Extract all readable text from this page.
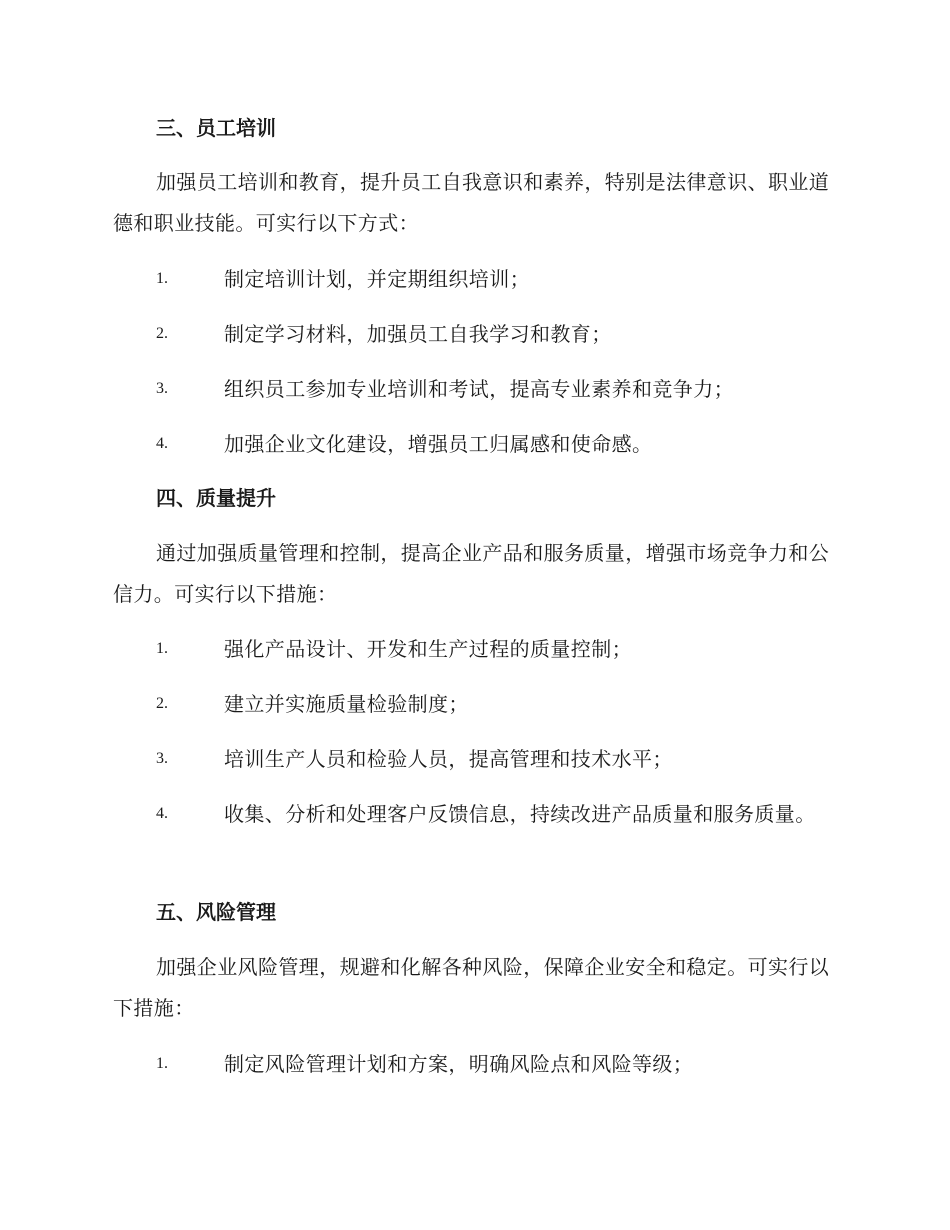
三、员工培训
加强员工培训和教育，提升员工自我意识和素养，特别是法律意识、职业道德和职业技能。可实行以下方式：
1.	制定培训计划，并定期组织培训；
2.	制定学习材料，加强员工自我学习和教育；
3.	组织员工参加专业培训和考试，提高专业素养和竞争力；
4.	加强企业文化建设，增强员工归属感和使命感。
四、质量提升
通过加强质量管理和控制，提高企业产品和服务质量，增强市场竞争力和公信力。可实行以下措施：
1.	强化产品设计、开发和生产过程的质量控制；
2.	建立并实施质量检验制度；
3.	培训生产人员和检验人员，提高管理和技术水平；
4.	收集、分析和处理客户反馈信息，持续改进产品质量和服务质量。
五、风险管理
加强企业风险管理，规避和化解各种风险，保障企业安全和稳定。可实行以下措施：
1.	制定风险管理计划和方案，明确风险点和风险等级；
